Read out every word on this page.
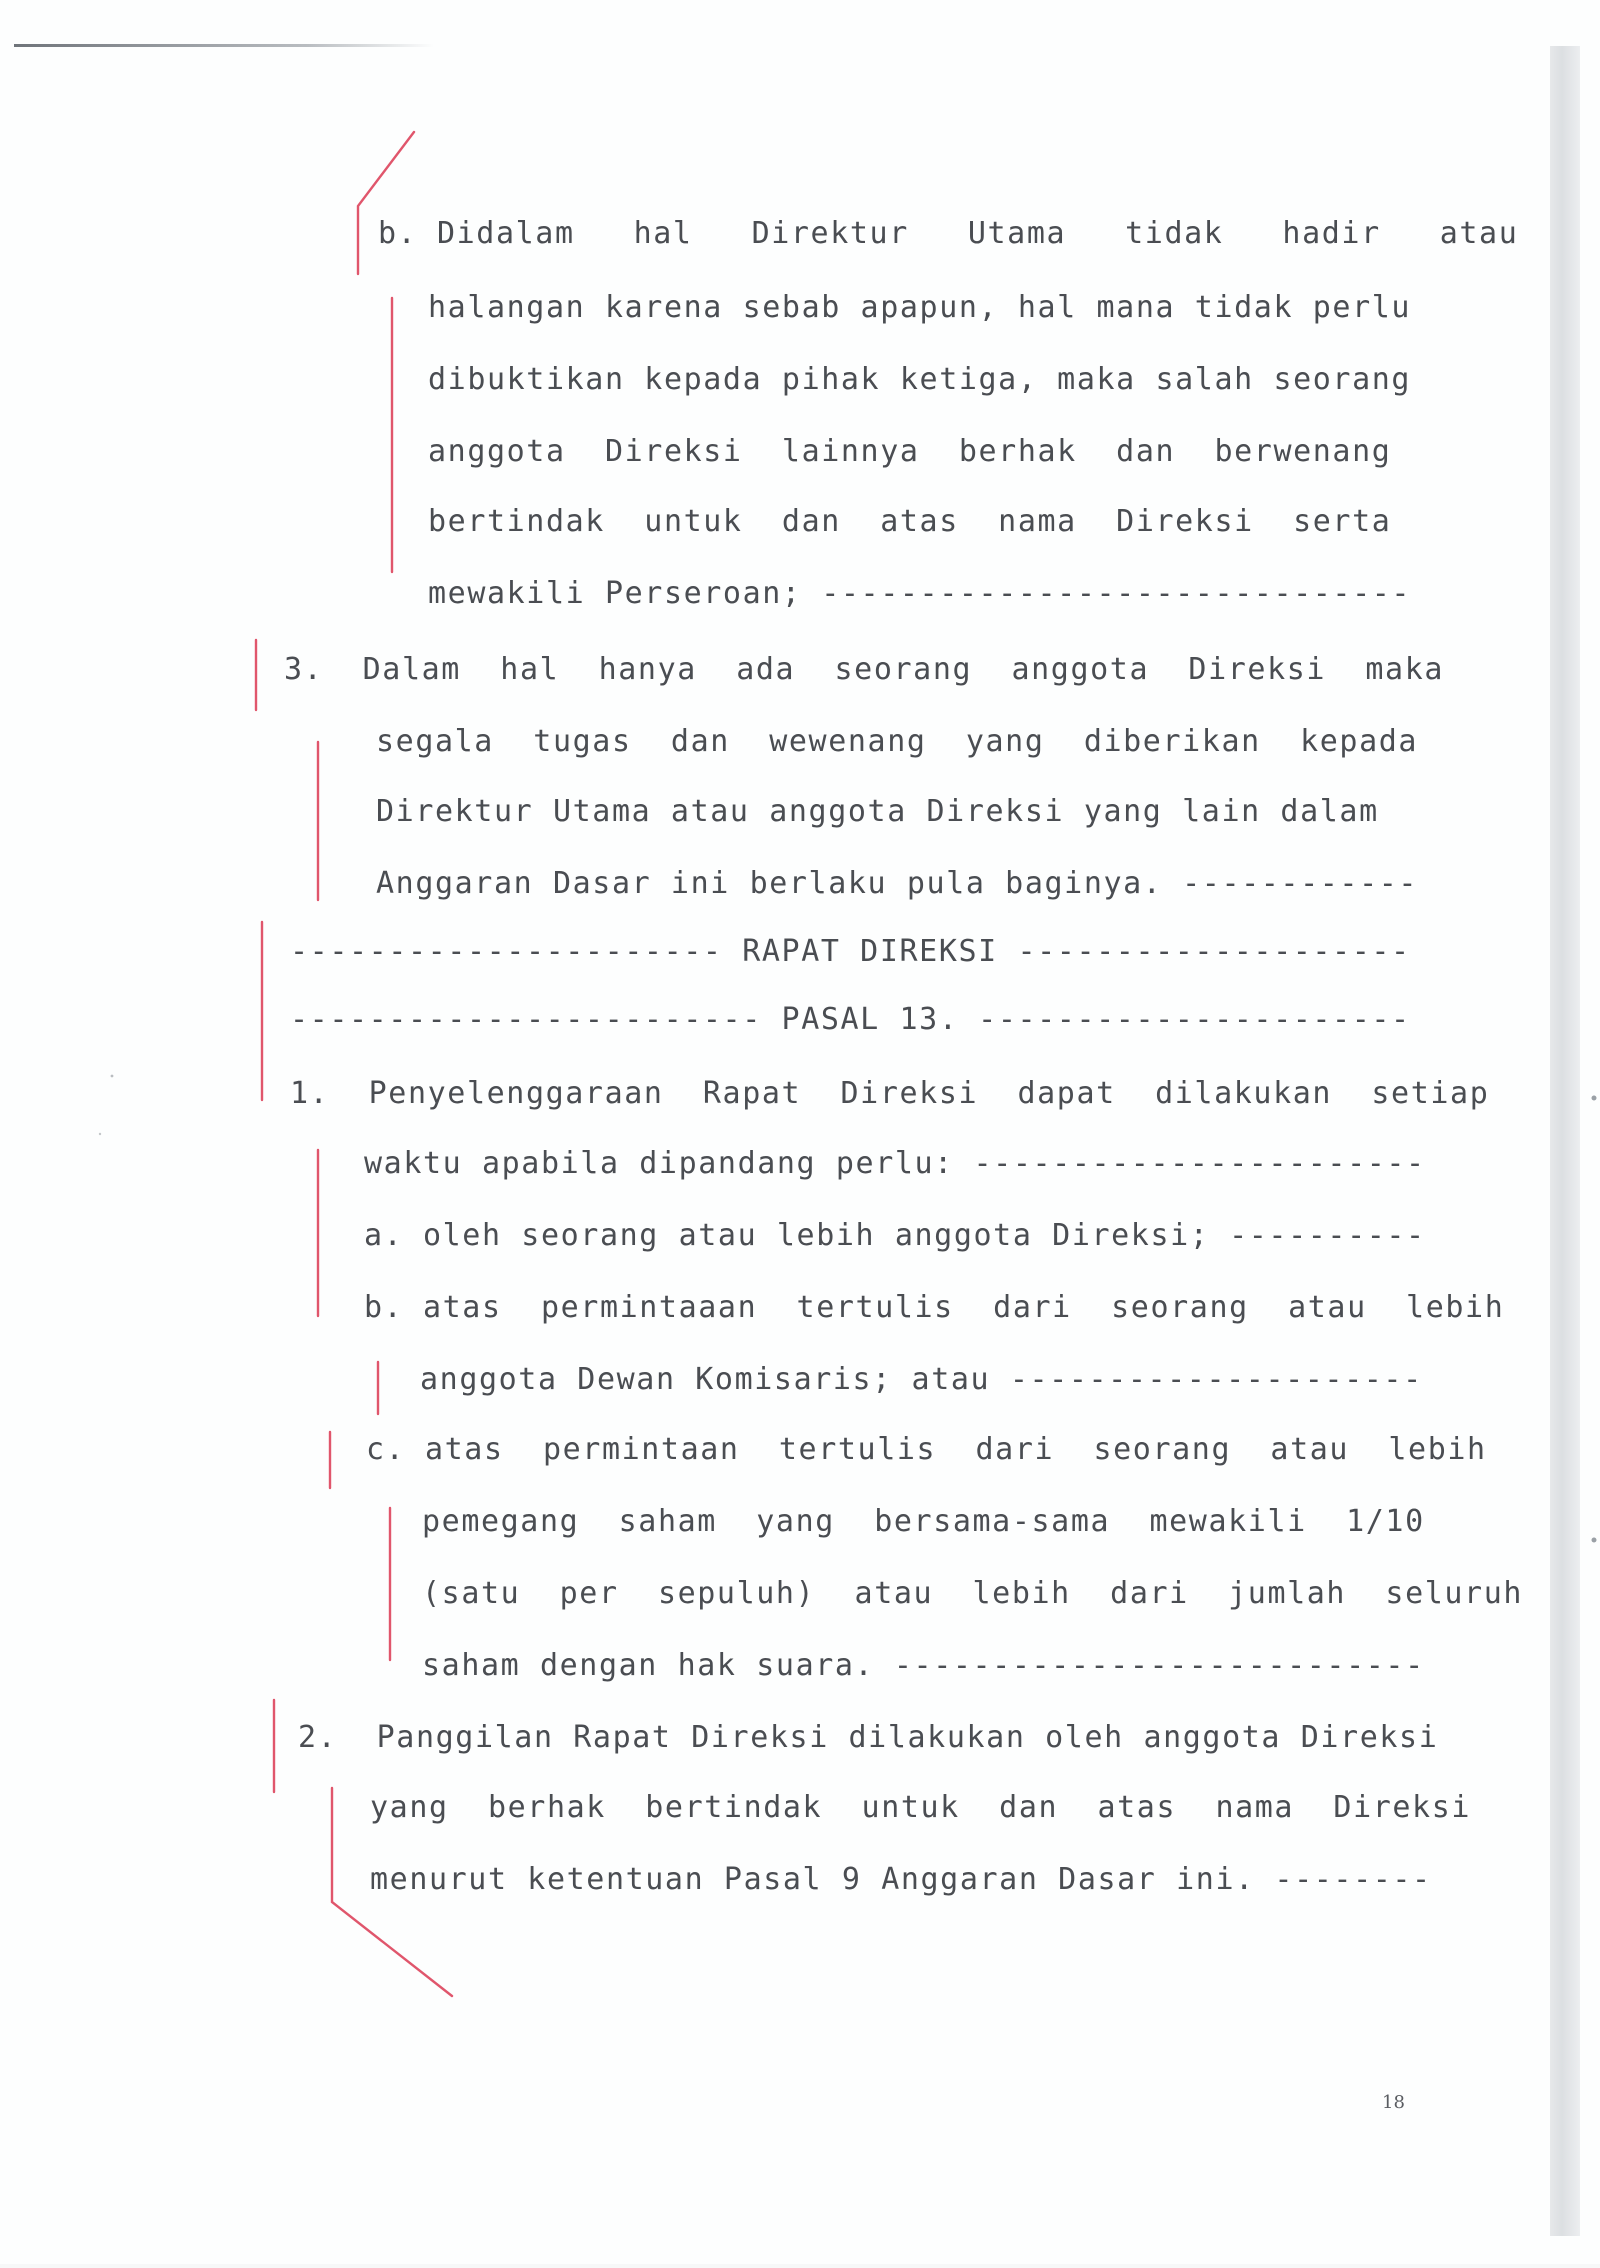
b. Didalam   hal   Direktur   Utama   tidak   hadir   atau
halangan karena sebab apapun, hal mana tidak perlu
dibuktikan kepada pihak ketiga, maka salah seorang
anggota  Direksi  lainnya  berhak  dan  berwenang
bertindak  untuk  dan  atas  nama  Direksi  serta
mewakili Perseroan; ------------------------------
3.  Dalam  hal  hanya  ada  seorang  anggota  Direksi  maka
segala  tugas  dan  wewenang  yang  diberikan  kepada
Direktur Utama atau anggota Direksi yang lain dalam
Anggaran Dasar ini berlaku pula baginya. ------------
---------------------- RAPAT DIREKSI --------------------
------------------------ PASAL 13. ----------------------
1.  Penyelenggaraan  Rapat  Direksi  dapat  dilakukan  setiap
waktu apabila dipandang perlu: -----------------------
a. oleh seorang atau lebih anggota Direksi; ----------
b. atas  permintaaan  tertulis  dari  seorang  atau  lebih
anggota Dewan Komisaris; atau ---------------------
c. atas  permintaan  tertulis  dari  seorang  atau  lebih
pemegang  saham  yang  bersama-sama  mewakili  1/10
(satu  per  sepuluh)  atau  lebih  dari  jumlah  seluruh
saham dengan hak suara. ---------------------------
2.  Panggilan Rapat Direksi dilakukan oleh anggota Direksi
yang  berhak  bertindak  untuk  dan  atas  nama  Direksi
menurut ketentuan Pasal 9 Anggaran Dasar ini. --------
18
